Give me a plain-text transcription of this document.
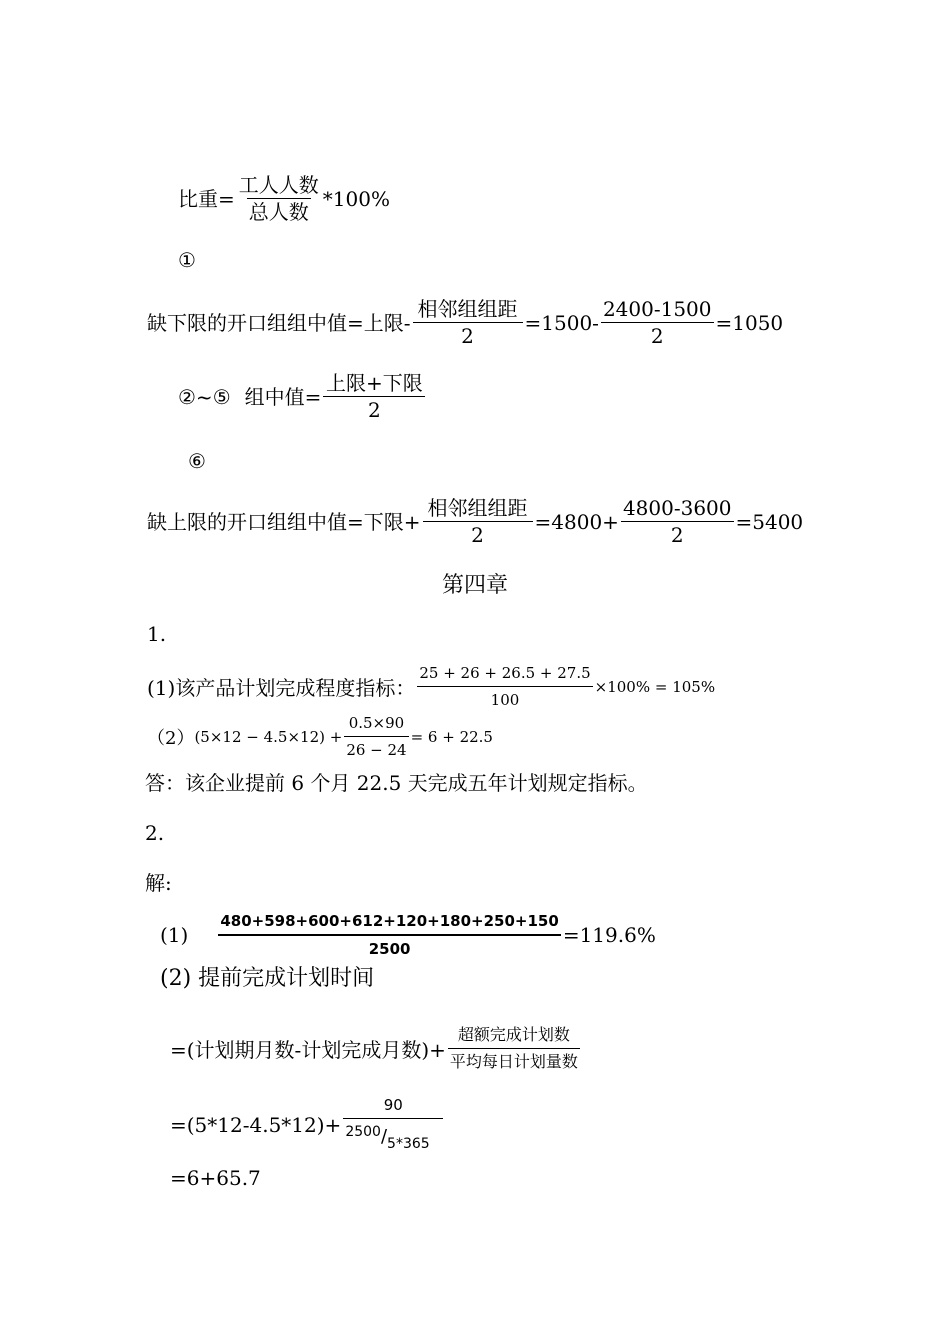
比重= $\frac{\text{工人人数}}{\text{总人数}} *100\%$
①
缺下限的开口组组中值=上限- $\frac{\text{相邻组组距}}{2} =1500- \frac{2400-1500}{2} =1050$
②~⑤ 组中值= $\frac{\text{上限+下限}}{2}$
⑥
缺上限的开口组组中值=下限+ $\frac{\text{相邻组组距}}{2} =4800+ \frac{4800-3600}{2} =5400$
第四章
1.
(1)该产品计划完成程度指标： $\frac{25 + 26 + 26.5 + 27.5}{100} \times 100\% = 105\%$
（2） $(5\times 12 - 4.5\times 12) + \frac{0.5\times 90}{26 - 24} = 6 + 22.5$
答：该企业提前 6 个月 22.5 天完成五年计划规定指标。
2.
解:
$(1) \frac{480+598+600+612+120+180+250+150}{2500} =119.6\%$
(2) 提前完成计划时间
=(计划期月数-计划完成月数)+ $\frac{\text{超额完成计划数}}{\text{平均每日计划量数}}$
$=(5*12-4.5*12)+ \frac{90}{2500/5*365}$
=6+65.7
